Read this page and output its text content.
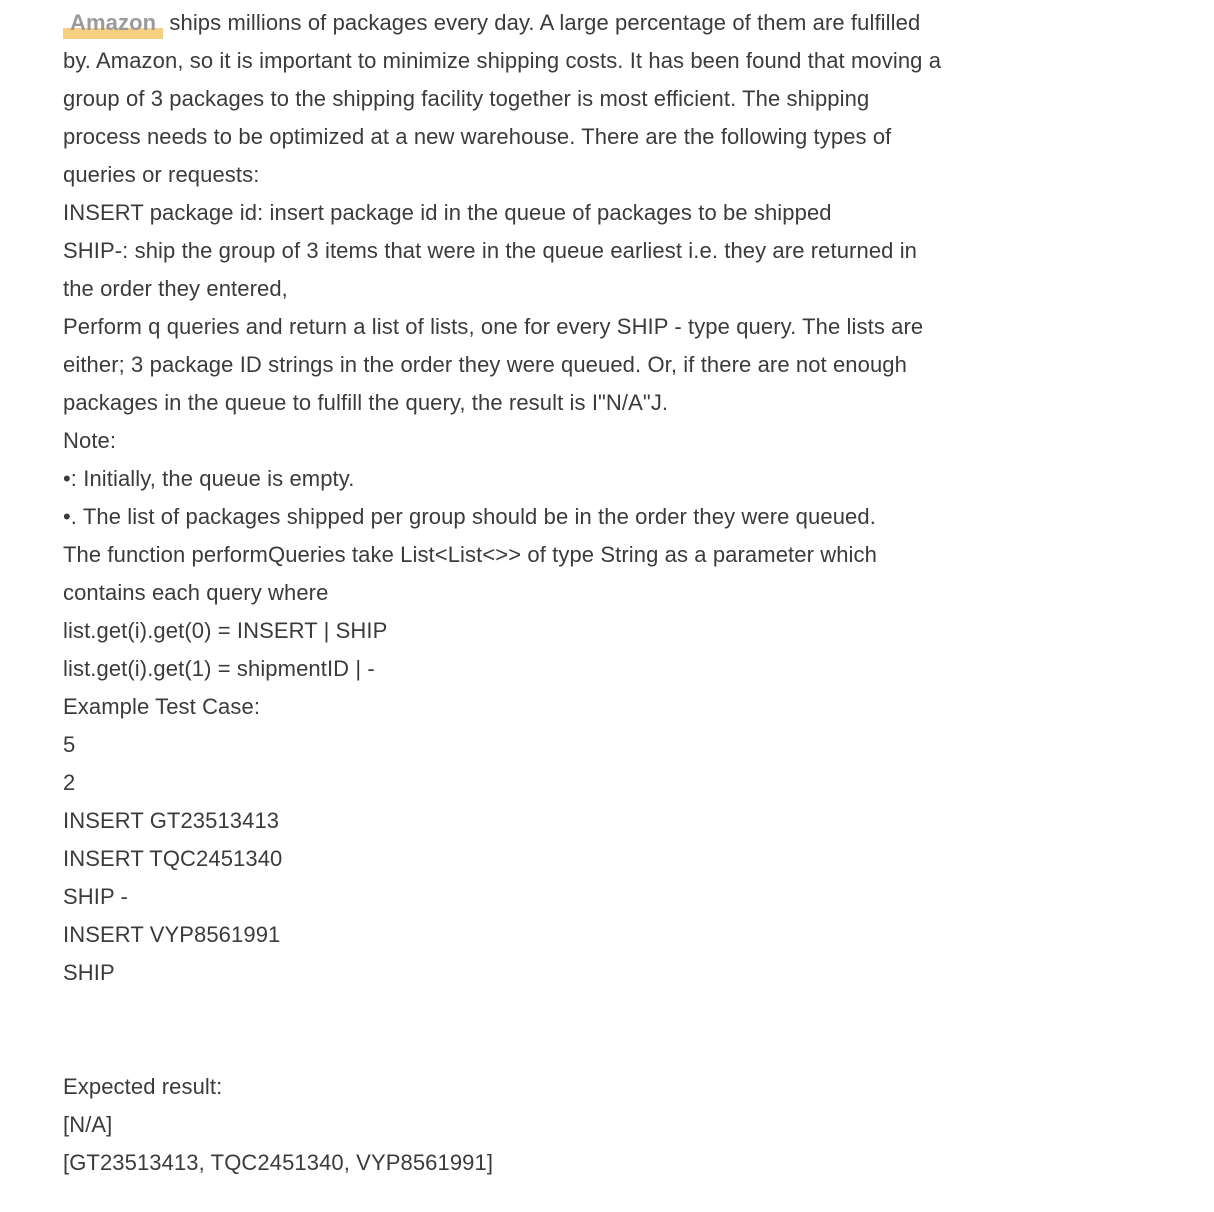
Amazon ships millions of packages every day. A large percentage of them are fulfilled
by. Amazon, so it is important to minimize shipping costs. It has been found that moving a
group of 3 packages to the shipping facility together is most efficient. The shipping
process needs to be optimized at a new warehouse. There are the following types of
queries or requests:
INSERT package id: insert package id in the queue of packages to be shipped
SHIP-: ship the group of 3 items that were in the queue earliest i.e. they are returned in
the order they entered,
Perform q queries and return a list of lists, one for every SHIP - type query. The lists are
either; 3 package ID strings in the order they were queued. Or, if there are not enough
packages in the queue to fulfill the query, the result is I"N/A"J.
Note:
•: Initially, the queue is empty.
•. The list of packages shipped per group should be in the order they were queued.
The function performQueries take List<List<>> of type String as a parameter which
contains each query where
list.get(i).get(0) = INSERT | SHIP
list.get(i).get(1) = shipmentID | -
Example Test Case:
5
2
INSERT GT23513413
INSERT TQC2451340
SHIP -
INSERT VYP8561991
SHIP
Expected result:
[N/A]
[GT23513413, TQC2451340, VYP8561991]
